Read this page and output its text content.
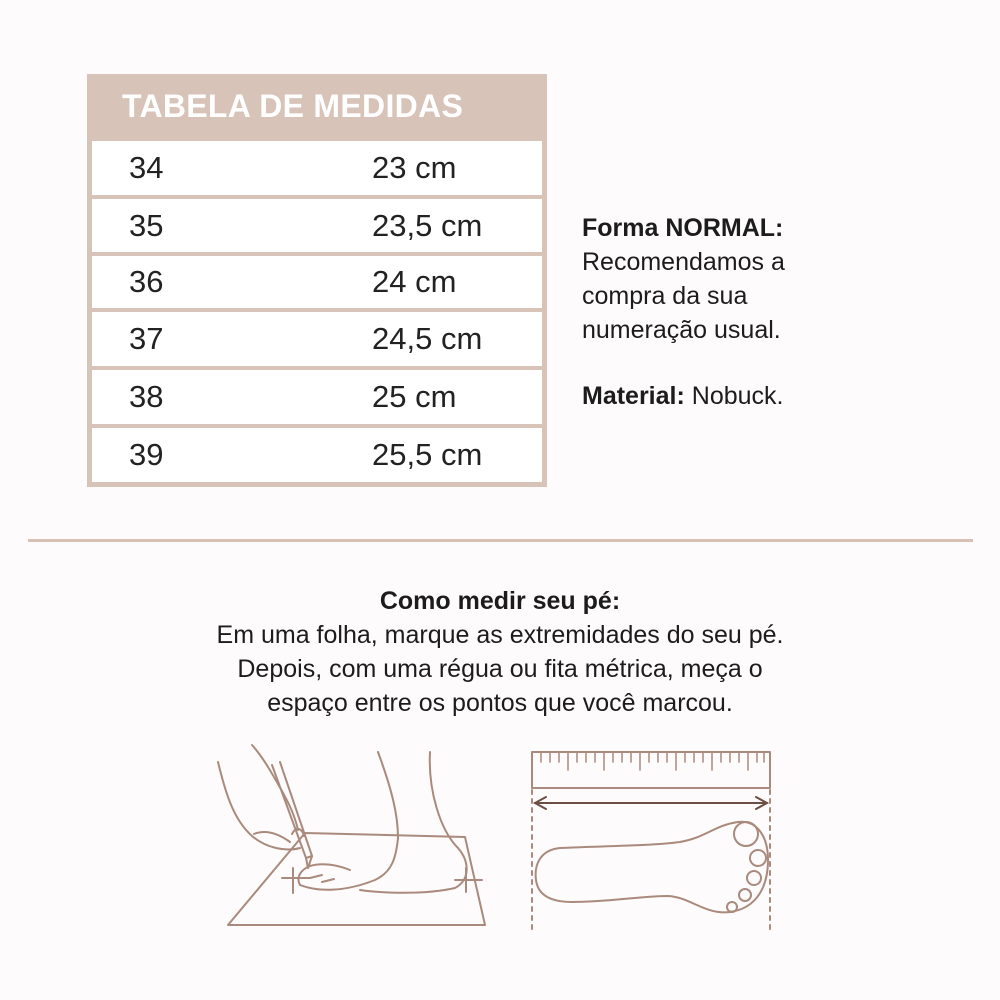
TABELA DE MEDIDAS
34	23 cm
35	23,5 cm
36	24 cm
37	24,5 cm
38	25 cm
39	25,5 cm

Forma NORMAL:

Recomendamos a

compra da sua

numeração usual.

Material: Nobuck.

Como medir seu pé:

Em uma folha, marque as extremidades do seu pé.

Depois, com uma régua ou fita métrica, meça o

espaço entre os pontos que você marcou.
